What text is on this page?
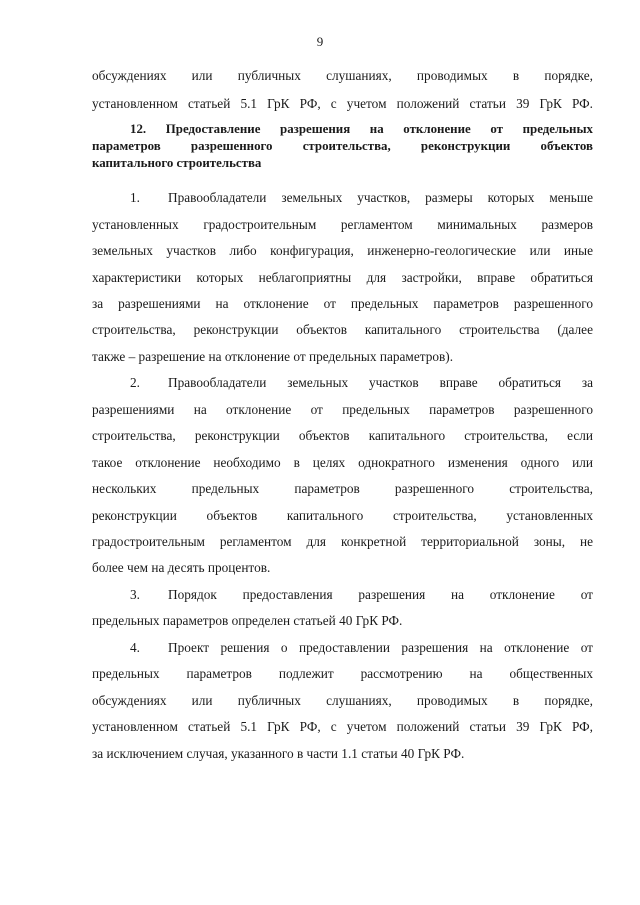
9
обсуждениях или публичных слушаниях, проводимых в порядке,
установленном статьей 5.1 ГрК РФ, с учетом положений статьи 39 ГрК РФ.
12. Предоставление разрешения на отклонение от предельных
параметров разрешенного строительства, реконструкции объектов
капитального строительства
1. Правообладатели земельных участков, размеры которых меньше
установленных градостроительным регламентом минимальных размеров
земельных участков либо конфигурация, инженерно-геологические или иные
характеристики которых неблагоприятны для застройки, вправе обратиться
за разрешениями на отклонение от предельных параметров разрешенного
строительства, реконструкции объектов капитального строительства (далее
также – разрешение на отклонение от предельных параметров).
2. Правообладатели земельных участков вправе обратиться за
разрешениями на отклонение от предельных параметров разрешенного
строительства, реконструкции объектов капитального строительства, если
такое отклонение необходимо в целях однократного изменения одного или
нескольких предельных параметров разрешенного строительства,
реконструкции объектов капитального строительства, установленных
градостроительным регламентом для конкретной территориальной зоны, не
более чем на десять процентов.
3. Порядок предоставления разрешения на отклонение от
предельных параметров определен статьей 40 ГрК РФ.
4. Проект решения о предоставлении разрешения на отклонение от
предельных параметров подлежит рассмотрению на общественных
обсуждениях или публичных слушаниях, проводимых в порядке,
установленном статьей 5.1 ГрК РФ, с учетом положений статьи 39 ГрК РФ,
за исключением случая, указанного в части 1.1 статьи 40 ГрК РФ.
